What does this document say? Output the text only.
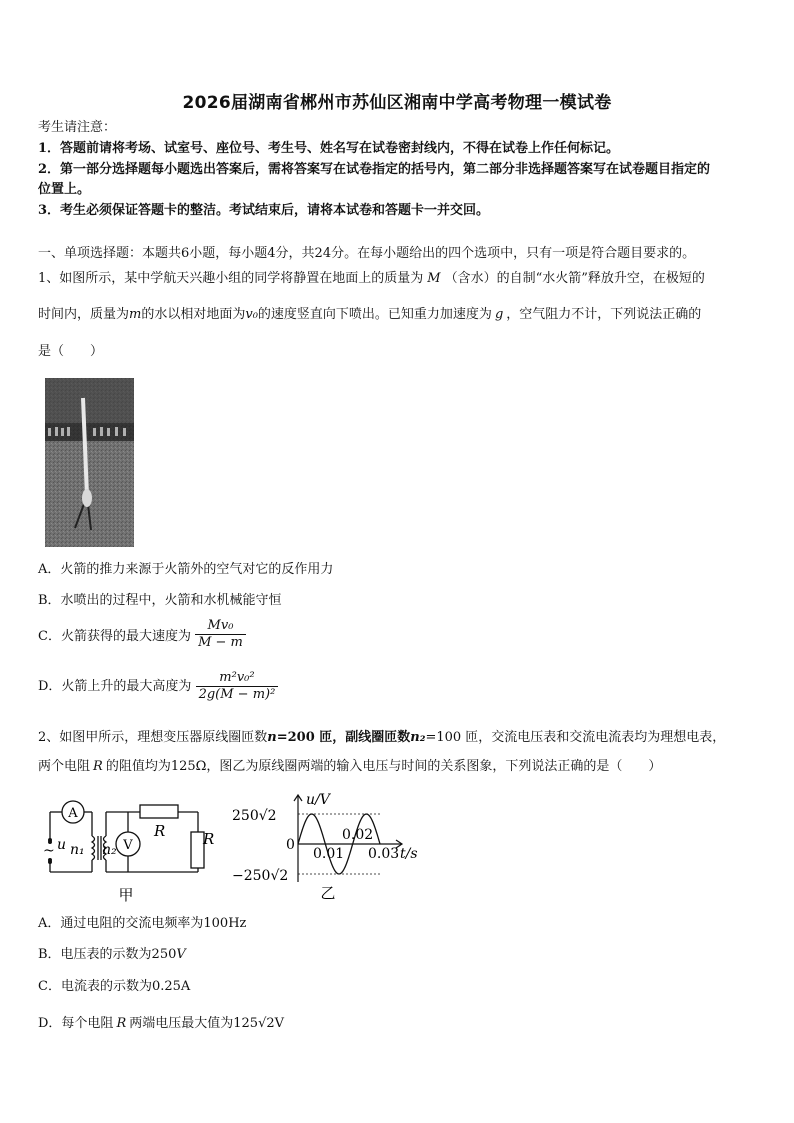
2026届湖南省郴州市苏仙区湘南中学高考物理一模试卷
考生请注意：
1．答题前请将考场、试室号、座位号、考生号、姓名写在试卷密封线内，不得在试卷上作任何标记。
2．第一部分选择题每小题选出答案后，需将答案写在试卷指定的括号内，第二部分非选择题答案写在试卷题目指定的
位置上。
3．考生必须保证答题卡的整洁。考试结束后，请将本试卷和答题卡一并交回。
一、单项选择题：本题共6小题，每小题4分，共24分。在每小题给出的四个选项中，只有一项是符合题目要求的。
1、如图所示，某中学航天兴趣小组的同学将静置在地面上的质量为 M （含水）的自制“水火箭”释放升空，在极短的
时间内，质量为m的水以相对地面为v₀的速度竖直向下喷出。已知重力加速度为 g ，空气阻力不计，下列说法正确的
是（　　）
A．火箭的推力来源于火箭外的空气对它的反作用力
B．水喷出的过程中，火箭和水机械能守恒
C．火箭获得的最大速度为 $\frac{\text{Mv₀}}{M - m}$
D．火箭上升的最大高度为 $\frac{\text{m²v₀²}}{\text{2g(M − m)²}}$
2、如图甲所示，理想变压器原线圈匝数n=200 匝，副线圈匝数n₂=100 匝，交流电压表和交流电流表均为理想电表，
两个电阻 R 的阻值均为125Ω，图乙为原线圈两端的输入电压与时间的关系图象，下列说法正确的是（　　）
A
V
~ u n₁ n₂
R	R
甲
u/V
250√2
0
−250√2
0.01
0.02
0.03 t/s
乙
A．通过电阻的交流电频率为100Hz
B．电压表的示数为250V
C．电流表的示数为0.25A
D．每个电阻 R 两端电压最大值为125√2V
